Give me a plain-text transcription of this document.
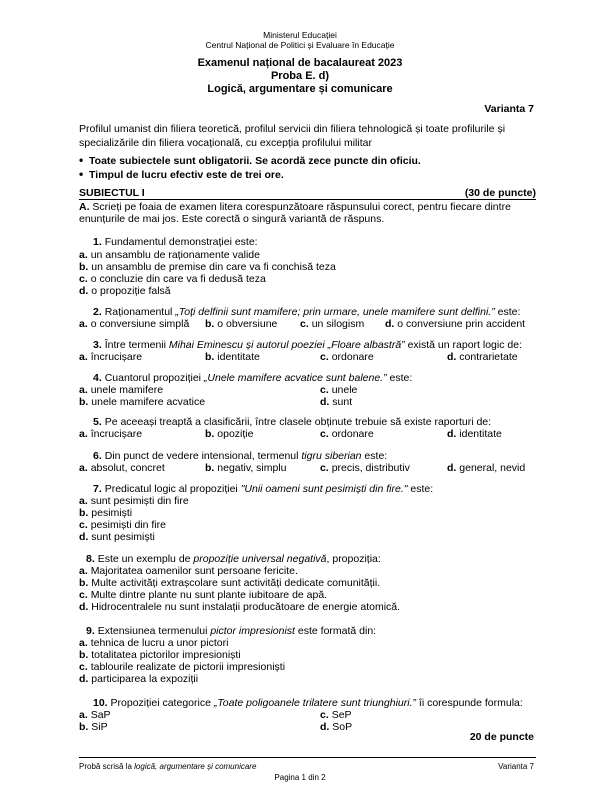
Ministerul Educației
Centrul Național de Politici și Evaluare în Educație
Examenul național de bacalaureat 2023
Proba E. d)
Logică, argumentare și comunicare
Varianta 7
Profilul umanist din filiera teoretică, profilul servicii din filiera tehnologică și toate profilurile și
specializările din filiera vocațională, cu excepția profilului militar
• Toate subiectele sunt obligatorii. Se acordă zece puncte din oficiu.
• Timpul de lucru efectiv este de trei ore.
SUBIECTUL I	(30 de puncte)
A. Scrieți pe foaia de examen litera corespunzătoare răspunsului corect, pentru fiecare dintre
enunțurile de mai jos. Este corectă o singură variantă de răspuns.
1. Fundamentul demonstrației este:
a. un ansamblu de raționamente valide
b. un ansamblu de premise din care va fi conchisă teza
c. o concluzie din care va fi dedusă teza
d. o propoziție falsă
2. Raționamentul „Toți delfinii sunt mamifere; prin urmare, unele mamifere sunt delfini.” este:
a. o conversiune simplă b. o obversiune c. un silogism d. o conversiune prin accident
3. Între termenii Mihai Eminescu și autorul poeziei „Floare albastră” există un raport logic de:
a. încrucișare	b. identitate	c. ordonare	d. contrarietate
4. Cuantorul propoziției „Unele mamifere acvatice sunt balene.” este:
a. unele mamifere	c. unele
b. unele mamifere acvatice	d. sunt
5. Pe aceeași treaptă a clasificării, între clasele obținute trebuie să existe raporturi de:
a. încrucișare	b. opoziție	c. ordonare	d. identitate
6. Din punct de vedere intensional, termenul tigru siberian este:
a. absolut, concret	b. negativ, simplu	c. precis, distributiv	d. general, nevid
7. Predicatul logic al propoziției "Unii oameni sunt pesimiști din fire." este:
a. sunt pesimiști din fire
b. pesimiști
c. pesimiști din fire
d. sunt pesimiști
8. Este un exemplu de propoziție universal negativă, propoziția:
a. Majoritatea oamenilor sunt persoane fericite.
b. Multe activități extrașcolare sunt activități dedicate comunității.
c. Multe dintre plante nu sunt plante iubitoare de apă.
d. Hidrocentralele nu sunt instalații producătoare de energie atomică.
9. Extensiunea termenului pictor impresionist este formată din:
a. tehnica de lucru a unor pictori
b. totalitatea pictorilor impresioniști
c. tablourile realizate de pictorii impresioniști
d. participarea la expoziții
10. Propoziției categorice „Toate poligoanele trilatere sunt triunghiuri.” îi corespunde formula:
a. SaP	c. SeP
b. SiP	d. SoP
20 de puncte
Probă scrisă la logică, argumentare și comunicare	Varianta 7
Pagina 1 din 2
